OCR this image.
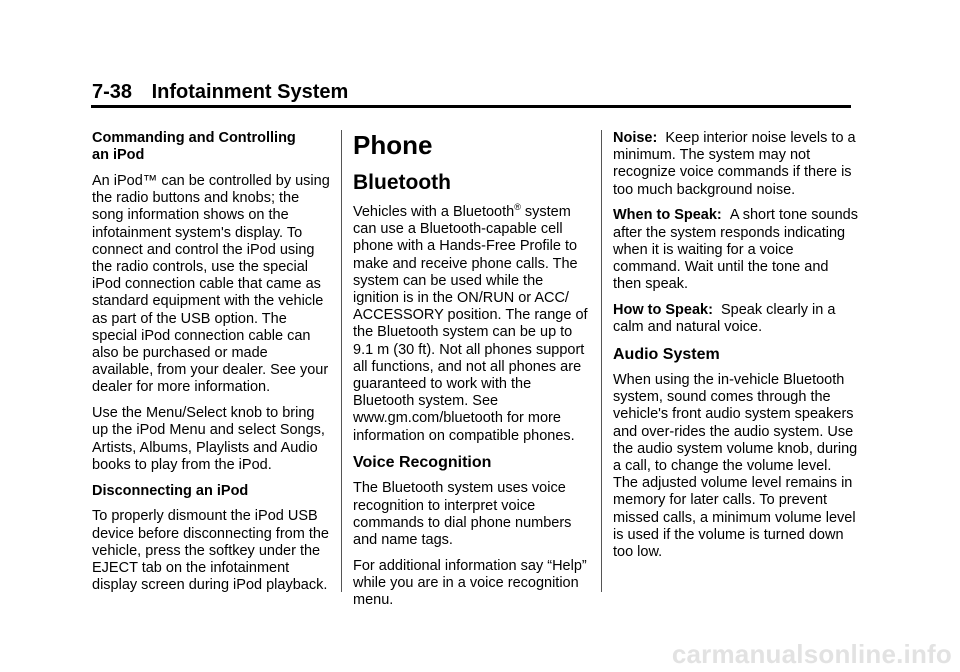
7-38 Infotainment System
Commanding and Controlling
an iPod

An iPod™ can be controlled by using the radio buttons and knobs; the song information shows on the infotainment system's display. To connect and control the iPod using the radio controls, use the special iPod connection cable that came as standard equipment with the vehicle as part of the USB option. The special iPod connection cable can also be purchased or made available, from your dealer. See your dealer for more information.

Use the Menu/Select knob to bring up the iPod Menu and select Songs, Artists, Albums, Playlists and Audio books to play from the iPod.

Disconnecting an iPod

To properly dismount the iPod USB device before disconnecting from the vehicle, press the softkey under the EJECT tab on the infotainment display screen during iPod playback.

Phone
Bluetooth

Vehicles with a Bluetooth® system can use a Bluetooth-capable cell phone with a Hands-Free Profile to make and receive phone calls. The system can be used while the ignition is in the ON/RUN or ACC/ ACCESSORY position. The range of the Bluetooth system can be up to 9.1 m (30 ft). Not all phones support all functions, and not all phones are guaranteed to work with the Bluetooth system. See www.gm.com/bluetooth for more information on compatible phones.

Voice Recognition

The Bluetooth system uses voice recognition to interpret voice commands to dial phone numbers and name tags.

For additional information say “Help” while you are in a voice recognition menu.

Noise: Keep interior noise levels to a minimum. The system may not recognize voice commands if there is too much background noise.

When to Speak: A short tone sounds after the system responds indicating when it is waiting for a voice command. Wait until the tone and then speak.

How to Speak: Speak clearly in a calm and natural voice.

Audio System

When using the in-vehicle Bluetooth system, sound comes through the vehicle's front audio system speakers and over-rides the audio system. Use the audio system volume knob, during a call, to change the volume level. The adjusted volume level remains in memory for later calls. To prevent missed calls, a minimum volume level is used if the volume is turned down too low.

carmanualsonline.info
